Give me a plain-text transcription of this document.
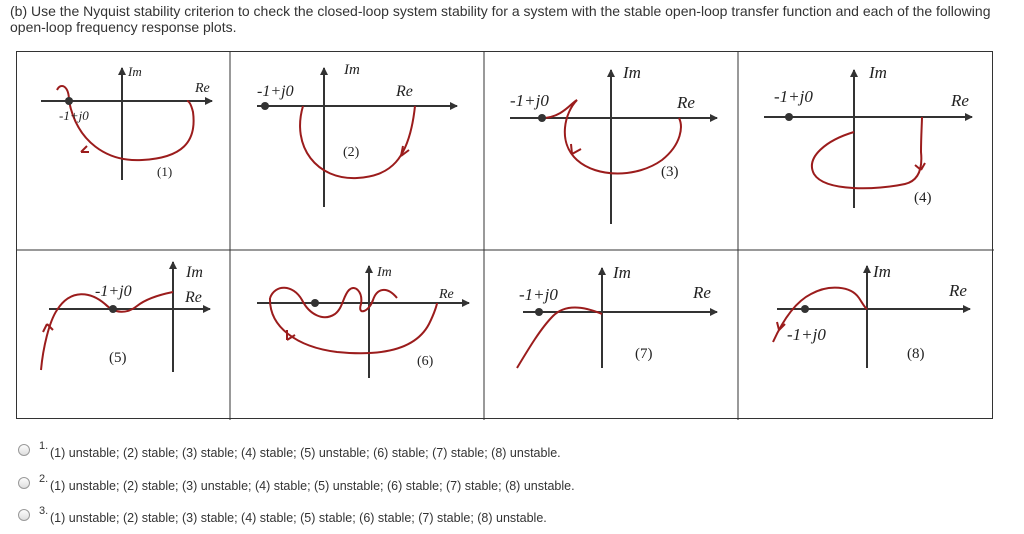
(b) Use the Nyquist stability criterion to check the closed-loop system stability for a system with the stable open-loop transfer function and each of the following open-loop frequency response plots.
Im
Re
-1+j0
(1)
Im
Re
-1+j0
(2)
Im
Re
-1+j0
(3)
Im
Re
-1+j0
(4)
Im
Re
-1+j0
(5)
Im
Re
(6)
Im
Re
-1+j0
(7)
Im
Re
-1+j0
(8)
1. (1) unstable; (2) stable; (3) stable; (4) stable; (5) unstable; (6) stable; (7) stable; (8) unstable.
2. (1) unstable; (2) stable; (3) unstable; (4) stable; (5) unstable; (6) stable; (7) stable; (8) unstable.
3. (1) unstable; (2) stable; (3) stable; (4) stable; (5) stable; (6) stable; (7) stable; (8) unstable.
